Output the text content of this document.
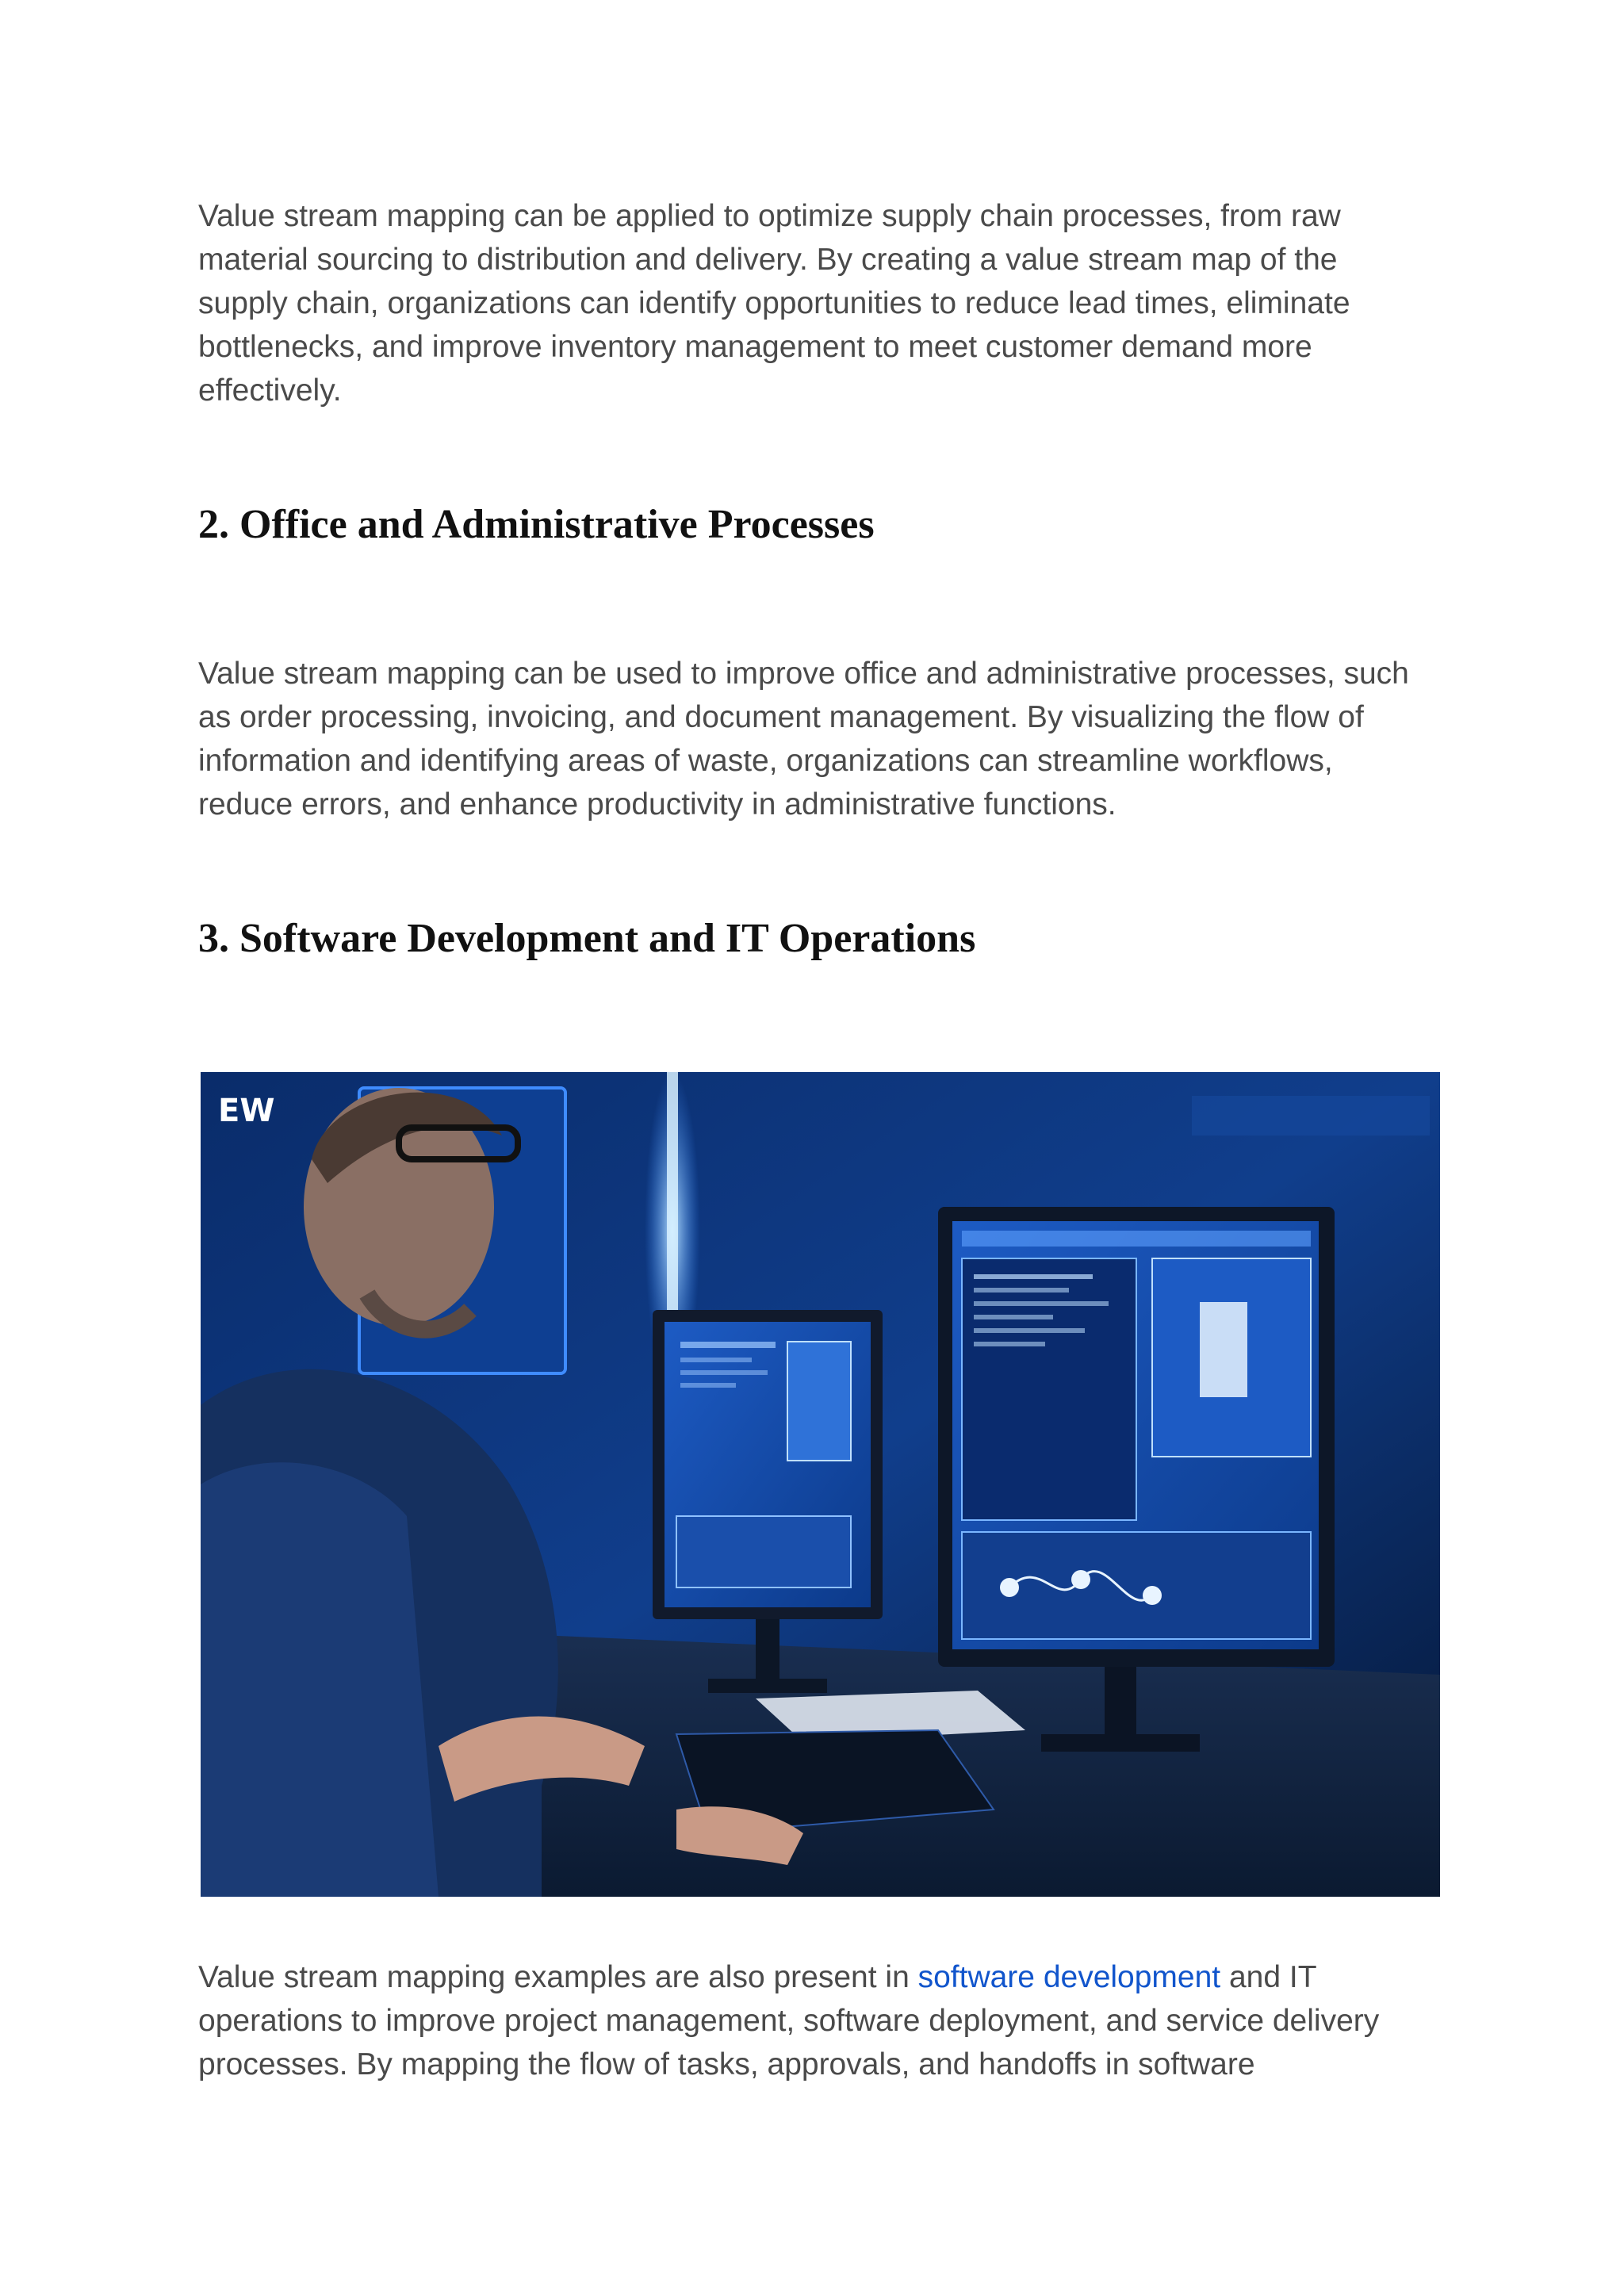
Value stream mapping can be applied to optimize supply chain processes, from raw material sourcing to distribution and delivery. By creating a value stream map of the supply chain, organizations can identify opportunities to reduce lead times, eliminate bottlenecks, and improve inventory management to meet customer demand more effectively.

2. Office and Administrative Processes

Value stream mapping can be used to improve office and administrative processes, such as order processing, invoicing, and document management. By visualizing the flow of information and identifying areas of waste, organizations can streamline workflows, reduce errors, and enhance productivity in administrative functions.

3. Software Development and IT Operations
EW

Value stream mapping examples are also present in software development and IT operations to improve project management, software deployment, and service delivery processes. By mapping the flow of tasks, approvals, and handoffs in software
